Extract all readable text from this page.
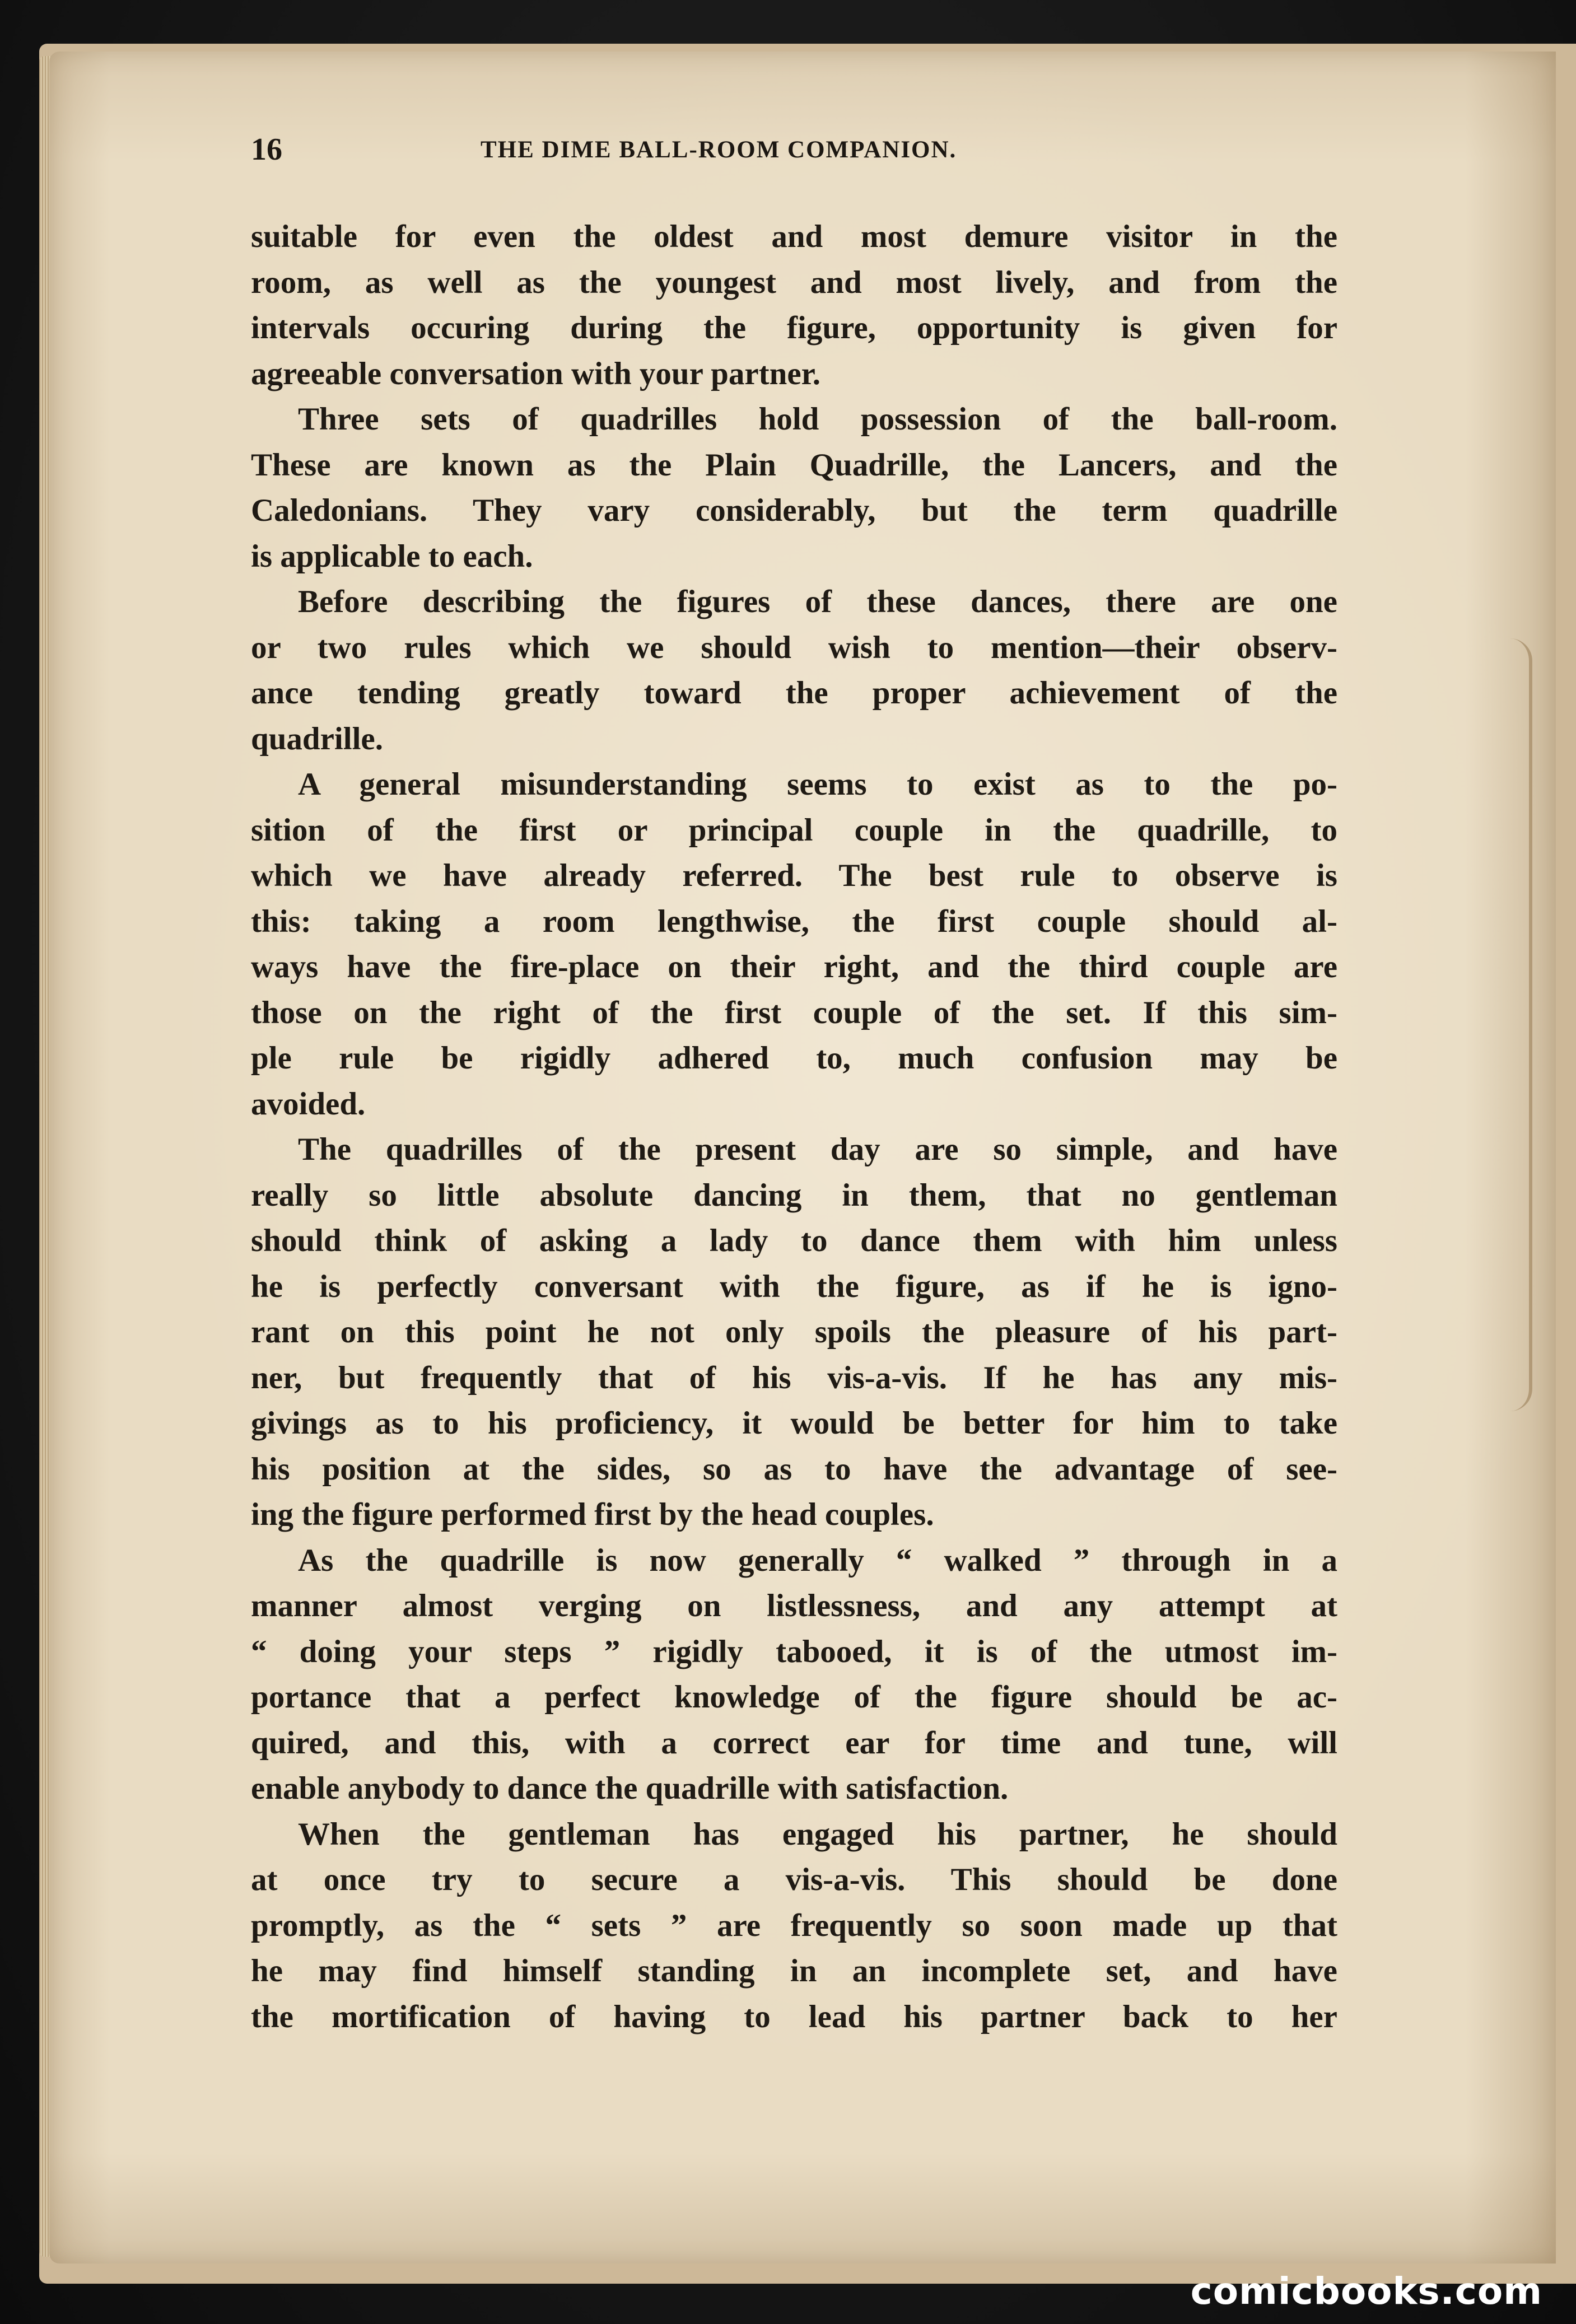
16	THE DIME BALL-ROOM COMPANION.
suitable for even the oldest and most demure visitor in the
room, as well as the youngest and most lively, and from the
intervals occuring during the figure, opportunity is given for
agreeable conversation with your partner.
Three sets of quadrilles hold possession of the ball-room.
These are known as the Plain Quadrille, the Lancers, and the
Caledonians. They vary considerably, but the term quadrille
is applicable to each.
Before describing the figures of these dances, there are one
or two rules which we should wish to mention—their observ-
ance tending greatly toward the proper achievement of the
quadrille.
A general misunderstanding seems to exist as to the po-
sition of the first or principal couple in the quadrille, to
which we have already referred. The best rule to observe is
this: taking a room lengthwise, the first couple should al-
ways have the fire-place on their right, and the third couple are
those on the right of the first couple of the set. If this sim-
ple rule be rigidly adhered to, much confusion may be
avoided.
The quadrilles of the present day are so simple, and have
really so little absolute dancing in them, that no gentleman
should think of asking a lady to dance them with him unless
he is perfectly conversant with the figure, as if he is igno-
rant on this point he not only spoils the pleasure of his part-
ner, but frequently that of his vis-a-vis. If he has any mis-
givings as to his proficiency, it would be better for him to take
his position at the sides, so as to have the advantage of see-
ing the figure performed first by the head couples.
As the quadrille is now generally “ walked ” through in a
manner almost verging on listlessness, and any attempt at
“ doing your steps ” rigidly tabooed, it is of the utmost im-
portance that a perfect knowledge of the figure should be ac-
quired, and this, with a correct ear for time and tune, will
enable anybody to dance the quadrille with satisfaction.
When the gentleman has engaged his partner, he should
at once try to secure a vis-a-vis. This should be done
promptly, as the “ sets ” are frequently so soon made up that
he may find himself standing in an incomplete set, and have
the mortification of having to lead his partner back to her
comicbooks.com
